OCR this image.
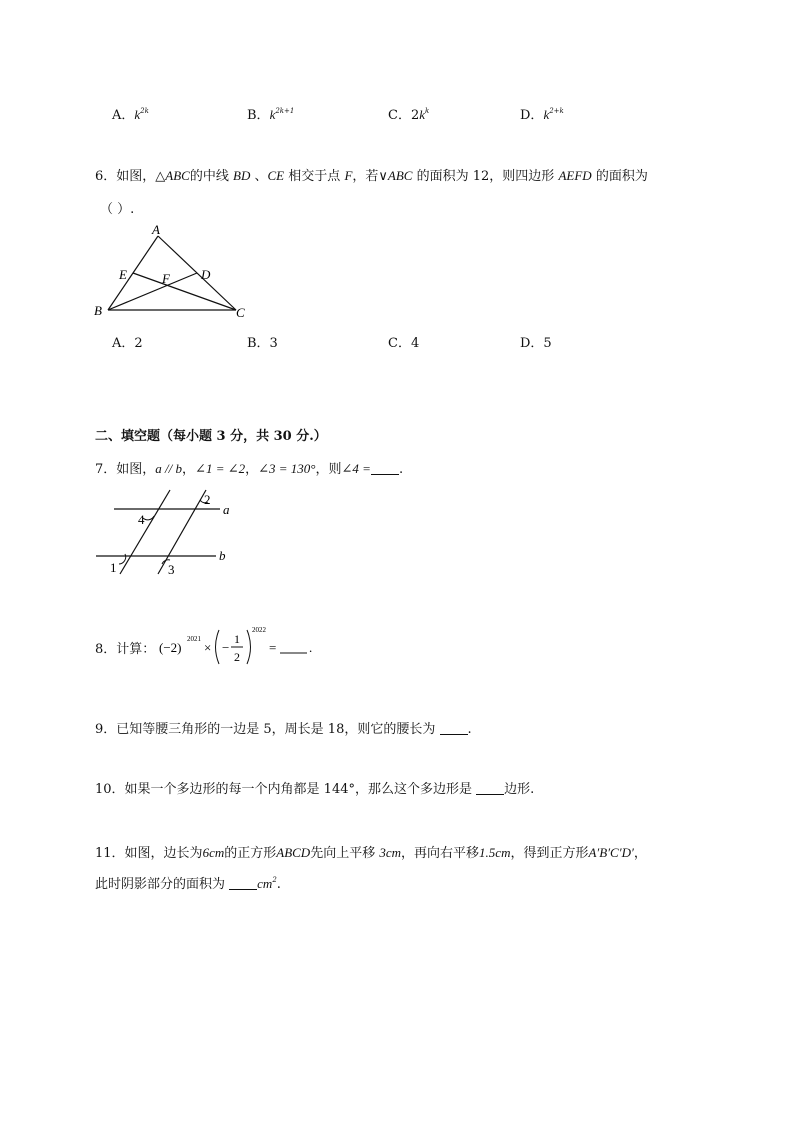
A．$k^{2k}$	B．$k^{2k+1}$	C．$2k^k$	D．$k^{2+k}$
6．如图，△ABC的中线 BD 、CE 相交于点 F，若∨ABC 的面积为 12，则四边形 AEFD 的面积为
（ ）.
A
E	F D
B	C
A．2	B．3	C．4	D．5
二、填空题（每小题 3 分，共 30 分.）
7．如图，a // b，∠1 = ∠2，∠3 = 130°，则∠4 = .
2
a
4
b
1	3
8．计算： (−2)
2021
× −
1
2
2022
=	.
9．已知等腰三角形的一边是 5，周长是 18，则它的腰长为 .
10．如果一个多边形的每一个内角都是 144°，那么这个多边形是 边形.
11．如图，边长为6cm的正方形ABCD先向上平移 3cm，再向右平移1.5cm，得到正方形A′B′C′D′，
此时阴影部分的面积为 $cm^2$.
